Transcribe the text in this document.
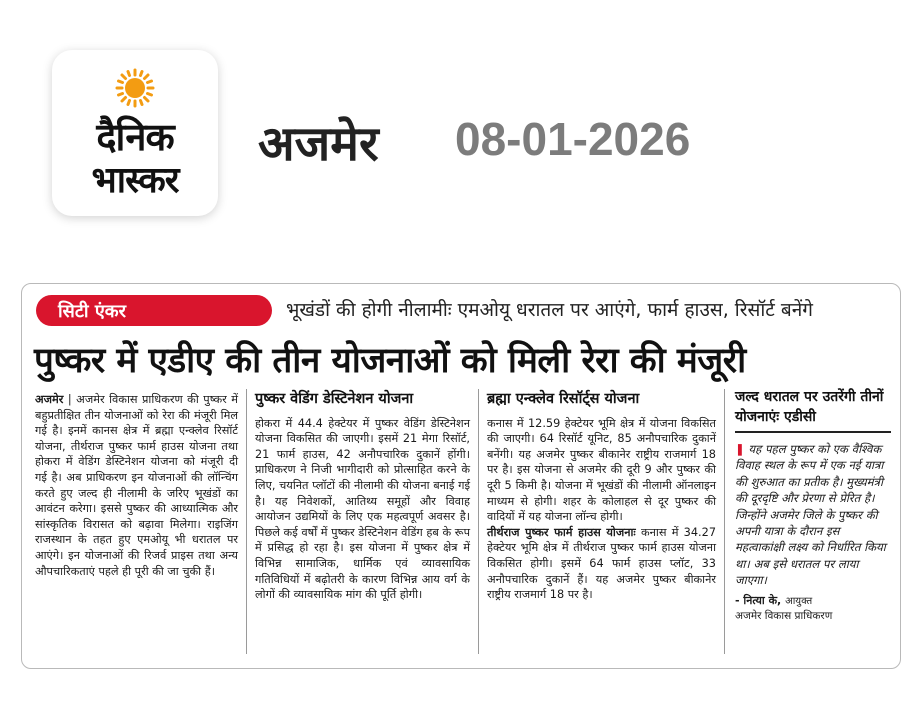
दैनिक
भास्कर
अजमेर 08-01-2026
सिटी एंकर	भूखंडों की होगी नीलामीः एमओयू धरातल पर आएंगे, फार्म हाउस, रिसॉर्ट बनेंगे
पुष्कर में एडीए की तीन योजनाओं को मिली रेरा की मंजूरी

अजमेर | अजमेर विकास प्राधिकरण की पुष्कर में बहुप्रतीक्षित तीन योजनाओं को रेरा की मंजूरी मिल गई है। इनमें कानस क्षेत्र में ब्रह्मा एन्क्लेव रिसॉर्ट योजना, तीर्थराज पुष्कर फार्म हाउस योजना तथा होकरा में वेडिंग डेस्टिनेशन योजना को मंजूरी दी गई है। अब प्राधिकरण इन योजनाओं की लॉन्चिंग करते हुए जल्द ही नीलामी के जरिए भूखंडों का आवंटन करेगा। इससे पुष्कर की आध्यात्मिक और सांस्कृतिक विरासत को बढ़ावा मिलेगा। राइजिंग राजस्थान के तहत हुए एमओयू भी धरातल पर आएंगे। इन योजनाओं की रिजर्व प्राइस तथा अन्य औपचारिकताएं पहले ही पूरी की जा चुकी हैं।

पुष्कर वेडिंग डेस्टिनेशन योजना

होकरा में 44.4 हेक्टेयर में पुष्कर वेडिंग डेस्टिनेशन योजना विकसित की जाएगी। इसमें 21 मेगा रिसॉर्ट, 21 फार्म हाउस, 42 अनौपचारिक दुकानें होंगी। प्राधिकरण ने निजी भागीदारी को प्रोत्साहित करने के लिए, चयनित प्लॉटों की नीलामी की योजना बनाई गई है। यह निवेशकों, आतिथ्य समूहों और विवाह आयोजन उद्यमियों के लिए एक महत्वपूर्ण अवसर है। पिछले कई वर्षों में पुष्कर डेस्टिनेशन वेडिंग हब के रूप में प्रसिद्ध हो रहा है। इस योजना में पुष्कर क्षेत्र में विभिन्न सामाजिक, धार्मिक एवं व्यावसायिक गतिविधियों में बढ़ोतरी के कारण विभिन्न आय वर्ग के लोगों की व्यावसायिक मांग की पूर्ति होगी।

ब्रह्मा एन्क्लेव रिसॉर्ट्स योजना

कनास में 12.59 हेक्टेयर भूमि क्षेत्र में योजना विकसित की जाएगी। 64 रिसॉर्ट यूनिट, 85 अनौपचारिक दुकानें बनेंगी। यह अजमेर पुष्कर बीकानेर राष्ट्रीय राजमार्ग 18 पर है। इस योजना से अजमेर की दूरी 9 और पुष्कर की दूरी 5 किमी है। योजना में भूखंडों की नीलामी ऑनलाइन माध्यम से होगी। शहर के कोलाहल से दूर पुष्कर की वादियों में यह योजना लॉन्च होगी।

तीर्थराज पुष्कर फार्म हाउस योजनाः कनास में 34.27 हेक्टेयर भूमि क्षेत्र में तीर्थराज पुष्कर फार्म हाउस योजना विकसित होगी। इसमें 64 फार्म हाउस प्लॉट, 33 अनौपचारिक दुकानें हैं। यह अजमेर पुष्कर बीकानेर राष्ट्रीय राजमार्ग 18 पर है।

जल्द धरातल पर उतरेंगी तीनों योजनाएंः एडीसी

❚ यह पहल पुष्कर को एक वैश्विक विवाह स्थल के रूप में एक नई यात्रा की शुरुआत का प्रतीक है। मुख्यमंत्री की दूरदृष्टि और प्रेरणा से प्रेरित है। जिन्होंने अजमेर जिले के पुष्कर की अपनी यात्रा के दौरान इस महत्वाकांक्षी लक्ष्य को निर्धारित किया था। अब इसे धरातल पर लाया जाएगा।

- नित्या के, आयुक्त
अजमेर विकास प्राधिकरण
